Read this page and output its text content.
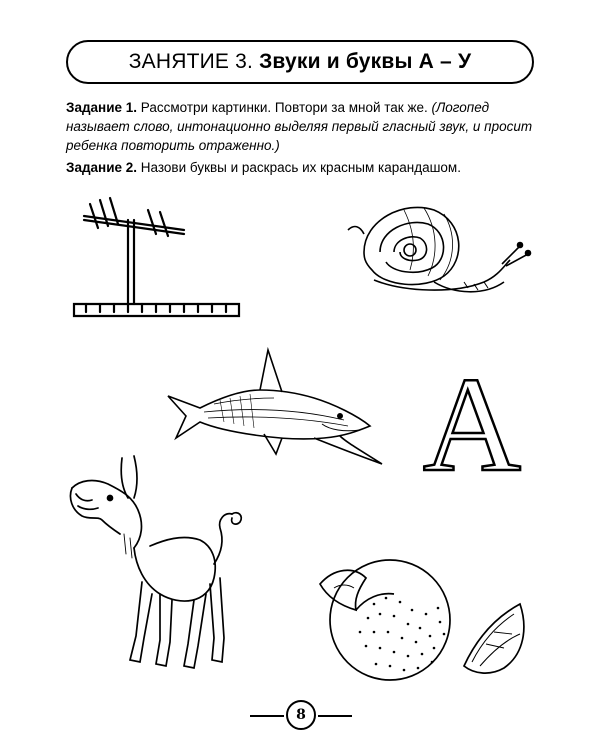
ЗАНЯТИЕ 3. Звуки и буквы А – У
Задание 1. Рассмотри картинки. Повтори за мной так же. (Логопед называет слово, интонационно выделяя первый гласный звук, и просит ребенка повторить отраженно.)
Задание 2. Назови буквы и раскрась их красным карандашом.
A
8
